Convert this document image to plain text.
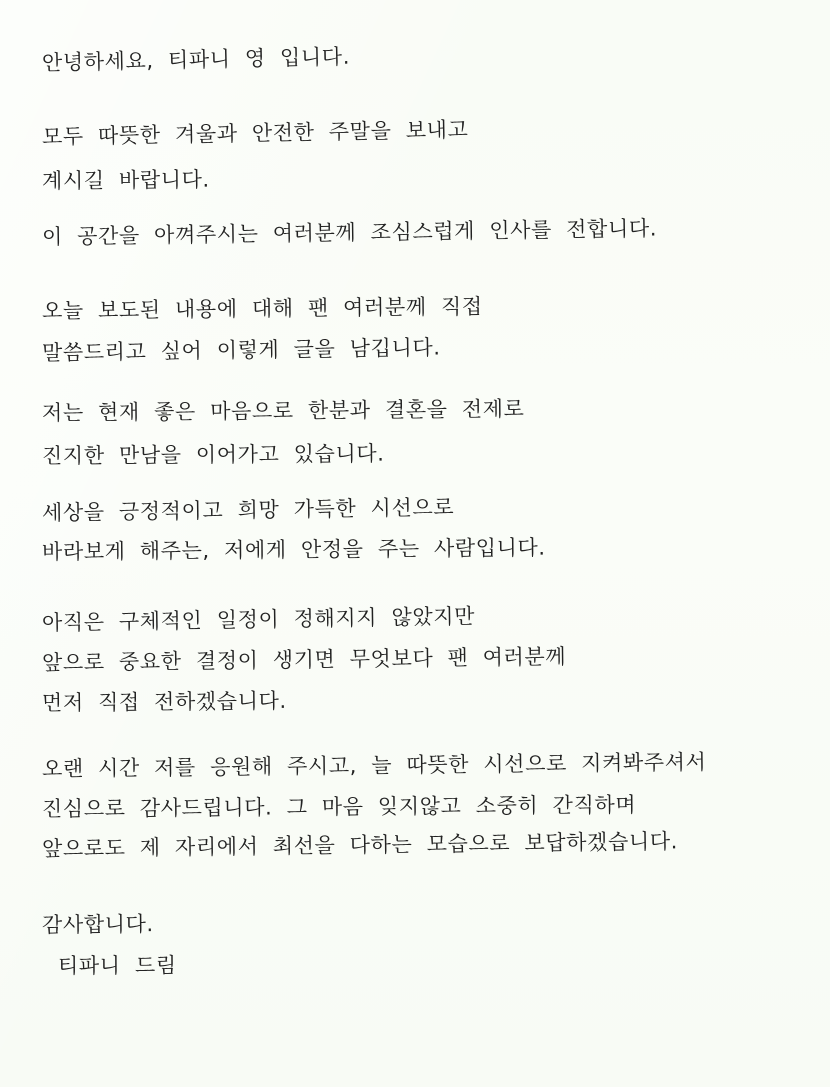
안녕하세요, 티파니 영 입니다.
모두 따뜻한 겨울과 안전한 주말을 보내고
계시길 바랍니다.
이 공간을 아껴주시는 여러분께 조심스럽게 인사를 전합니다.
오늘 보도된 내용에 대해 팬 여러분께 직접
말씀드리고 싶어 이렇게 글을 남깁니다.
저는 현재 좋은 마음으로 한분과 결혼을 전제로
진지한 만남을 이어가고 있습니다.
세상을 긍정적이고 희망 가득한 시선으로
바라보게 해주는, 저에게 안정을 주는 사람입니다.
아직은 구체적인 일정이 정해지지 않았지만
앞으로 중요한 결정이 생기면 무엇보다 팬 여러분께
먼저 직접 전하겠습니다.
오랜 시간 저를 응원해 주시고, 늘 따뜻한 시선으로 지켜봐주셔서
진심으로 감사드립니다. 그 마음 잊지않고 소중히 간직하며
앞으로도 제 자리에서 최선을 다하는 모습으로 보답하겠습니다.
감사합니다.
티파니 드림
